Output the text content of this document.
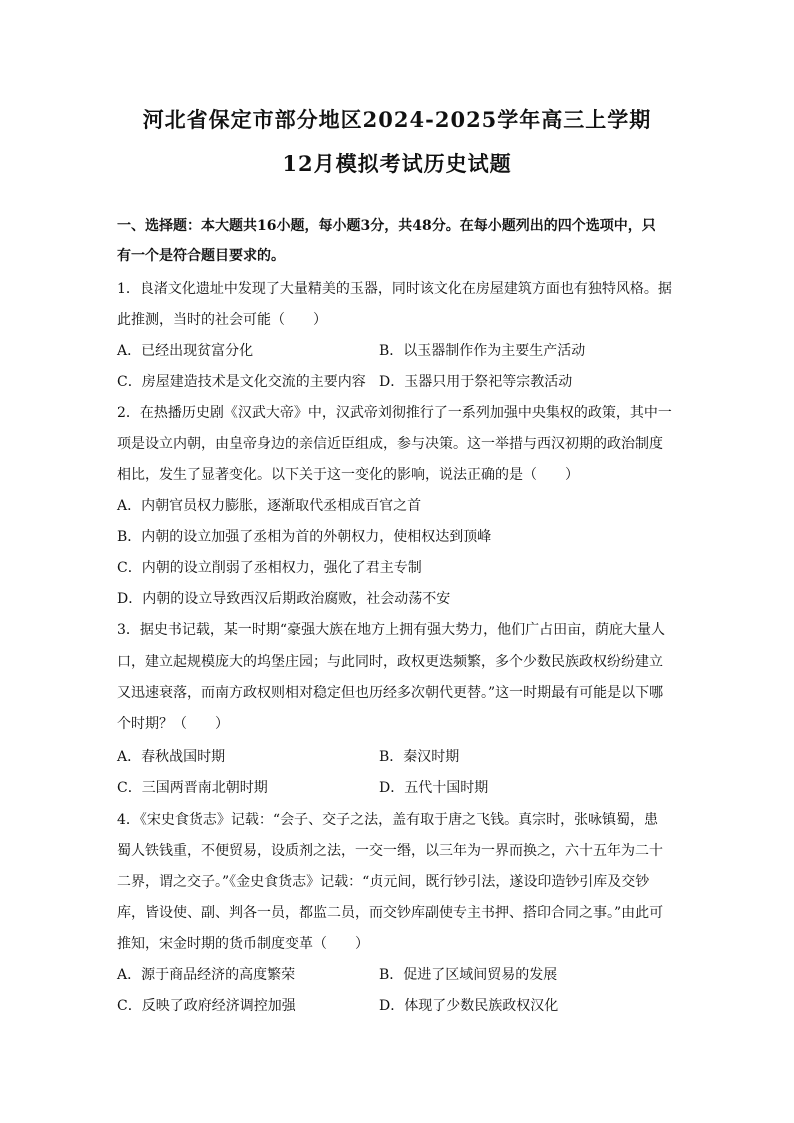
河北省保定市部分地区2024-2025学年高三上学期
12月模拟考试历史试题
一、选择题：本大题共16小题，每小题3分，共48分。在每小题列出的四个选项中，只
有一个是符合题目要求的。
1．良渚文化遗址中发现了大量精美的玉器，同时该文化在房屋建筑方面也有独特风格。据
此推测，当时的社会可能（　　）
A．已经出现贫富分化	B．以玉器制作作为主要生产活动
C．房屋建造技术是文化交流的主要内容 D．玉器只用于祭祀等宗教活动
2．在热播历史剧《汉武大帝》中，汉武帝刘彻推行了一系列加强中央集权的政策，其中一
项是设立内朝，由皇帝身边的亲信近臣组成，参与决策。这一举措与西汉初期的政治制度
相比，发生了显著变化。以下关于这一变化的影响，说法正确的是（　　）
A．内朝官员权力膨胀，逐渐取代丞相成百官之首
B．内朝的设立加强了丞相为首的外朝权力，使相权达到顶峰
C．内朝的设立削弱了丞相权力，强化了君主专制
D．内朝的设立导致西汉后期政治腐败，社会动荡不安
3．据史书记载，某一时期“豪强大族在地方上拥有强大势力，他们广占田亩，荫庇大量人
口，建立起规模庞大的坞堡庄园；与此同时，政权更迭频繁，多个少数民族政权纷纷建立
又迅速衰落，而南方政权则相对稳定但也历经多次朝代更替。”这一时期最有可能是以下哪
个时期？（　　）
A．春秋战国时期	B．秦汉时期
C．三国两晋南北朝时期	D．五代十国时期
4．《宋史食货志》记载：“会子、交子之法，盖有取于唐之飞钱。真宗时，张咏镇蜀，患
蜀人铁钱重，不便贸易，设质剂之法，一交一缗，以三年为一界而换之，六十五年为二十
二界，谓之交子。”《金史食货志》记载：“贞元间，既行钞引法，遂设印造钞引库及交钞
库，皆设使、副、判各一员，都监二员，而交钞库副使专主书押、搭印合同之事。”由此可
推知，宋金时期的货币制度变革（　　）
A．源于商品经济的高度繁荣	B．促进了区域间贸易的发展
C．反映了政府经济调控加强	D．体现了少数民族政权汉化
